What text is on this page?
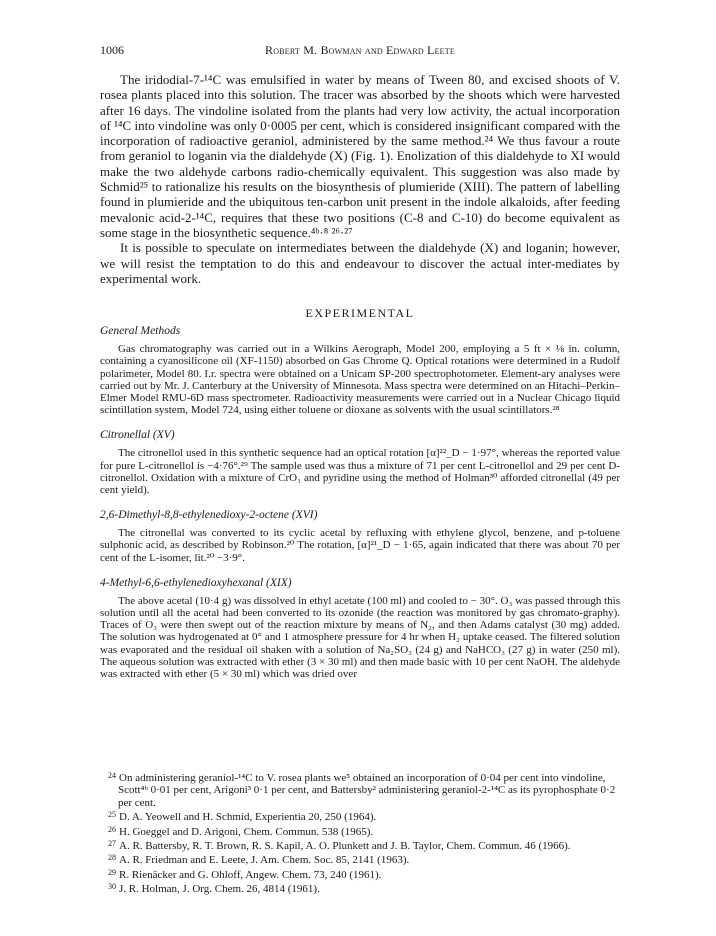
1006	Robert M. Bowman and Edward Leete

The iridodial-7-¹⁴C was emulsified in water by means of Tween 80, and excised shoots of V. rosea plants placed into this solution. The tracer was absorbed by the shoots which were harvested after 16 days. The vindoline isolated from the plants had very low activity, the actual incorporation of ¹⁴C into vindoline was only 0·0005 per cent, which is considered insignificant compared with the incorporation of radioactive geraniol, administered by the same method.²⁴ We thus favour a route from geraniol to loganin via the dialdehyde (X) (Fig. 1). Enolization of this dialdehyde to XI would make the two aldehyde carbons radio-chemically equivalent. This suggestion was also made by Schmid²⁵ to rationalize his results on the biosynthesis of plumieride (XIII). The pattern of labelling found in plumieride and the ubiquitous ten-carbon unit present in the indole alkaloids, after feeding mevalonic acid-2-¹⁴C, requires that these two positions (C-8 and C-10) do become equivalent as some stage in the biosynthetic sequence.⁴ᵇ·⁸ ²⁶·²⁷

It is possible to speculate on intermediates between the dialdehyde (X) and loganin; however, we will resist the temptation to do this and endeavour to discover the actual inter-mediates by experimental work.

EXPERIMENTAL
General Methods

Gas chromatography was carried out in a Wilkins Aerograph, Model 200, employing a 5 ft × ⅛ in. column, containing a cyanosilicone oil (XF-1150) absorbed on Gas Chrome Q. Optical rotations were determined in a Rudolf polarimeter, Model 80. I.r. spectra were obtained on a Unicam SP-200 spectrophotometer. Element-ary analyses were carried out by Mr. J. Canterbury at the University of Minnesota. Mass spectra were determined on an Hitachi–Perkin–Elmer Model RMU-6D mass spectrometer. Radioactivity measurements were carried out in a Nuclear Chicago liquid scintillation system, Model 724, using either toluene or dioxane as solvents with the usual scintillators.²⁸

Citronellal (XV)

The citronellol used in this synthetic sequence had an optical rotation [α]²²_D − 1·97°, whereas the reported value for pure L-citronellol is −4·76°.²⁹ The sample used was thus a mixture of 71 per cent L-citronellol and 29 per cent D-citronellol. Oxidation with a mixture of CrO₃ and pyridine using the method of Holman³⁰ afforded citronellal (49 per cent yield).

2,6-Dimethyl-8,8-ethylenedioxy-2-octene (XVI)

The citronellal was converted to its cyclic acetal by refluxing with ethylene glycol, benzene, and p-toluene sulphonic acid, as described by Robinson.²⁰ The rotation, [α]²¹_D − 1·65, again indicated that there was about 70 per cent of the L-isomer, lit.²⁰ −3·9°.

4-Methyl-6,6-ethylenedioxyhexanal (XIX)

The above acetal (10·4 g) was dissolved in ethyl acetate (100 ml) and cooled to − 30°. O₃ was passed through this solution until all the acetal had been converted to its ozonide (the reaction was monitored by gas chromato-graphy). Traces of O₃ were then swept out of the reaction mixture by means of N₂, and then Adams catalyst (30 mg) added. The solution was hydrogenated at 0° and 1 atmosphere pressure for 4 hr when H₂ uptake ceased. The filtered solution was evaporated and the residual oil shaken with a solution of Na₂SO₃ (24 g) and NaHCO₃ (27 g) in water (250 ml). The aqueous solution was extracted with ether (3 × 30 ml) and then made basic with 10 per cent NaOH. The aldehyde was extracted with ether (5 × 30 ml) which was dried over

$^{24}$ On administering geraniol-¹⁴C to V. rosea plants we⁵ obtained an incorporation of 0·04 per cent into vindoline, Scott⁴ᵇ 0·01 per cent, Arigoni³ 0·1 per cent, and Battersby² administering geraniol-2-¹⁴C as its pyrophosphate 0·2 per cent.

$^{25}$ D. A. Yeowell and H. Schmid, Experientia 20, 250 (1964).

$^{26}$ H. Goeggel and D. Arigoni, Chem. Commun. 538 (1965).

$^{27}$ A. R. Battersby, R. T. Brown, R. S. Kapil, A. O. Plunkett and J. B. Taylor, Chem. Commun. 46 (1966).

$^{28}$ A. R. Friedman and E. Leete, J. Am. Chem. Soc. 85, 2141 (1963).

$^{29}$ R. Rienäcker and G. Ohloff, Angew. Chem. 73, 240 (1961).

$^{30}$ J. R. Holman, J. Org. Chem. 26, 4814 (1961).
